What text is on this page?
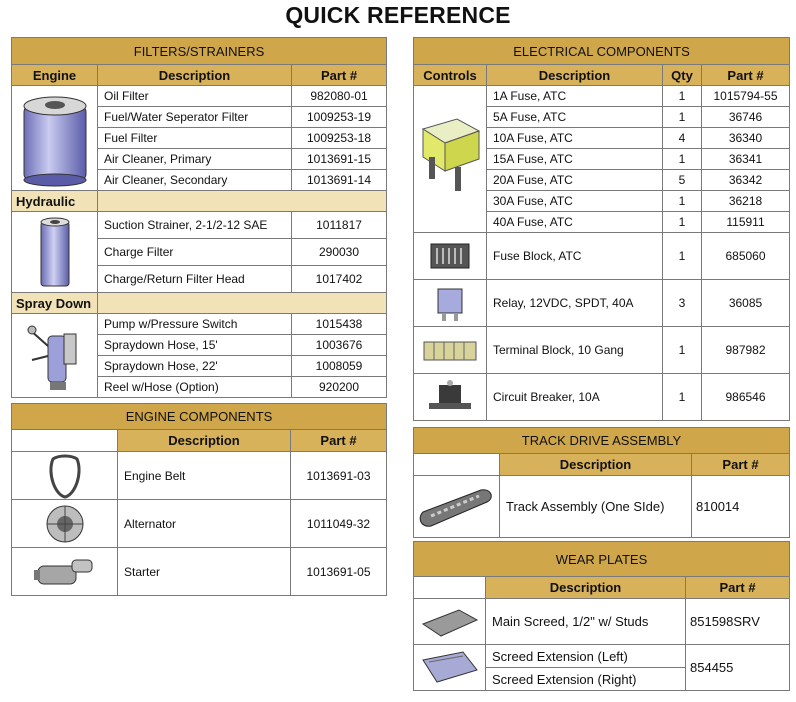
QUICK REFERENCE
FILTERS/STRAINERS		
Engine	Description	Part #

	Oil Filter	982080-01
	Fuel/Water Seperator Filter	1009253-19
	Fuel Filter	1009253-18
	Air Cleaner, Primary	1013691-15
	Air Cleaner, Secondary	1013691-14
Hydraulic		

	Suction Strainer, 2-1/2-12 SAE	1011817
	Charge Filter	290030
	Charge/Return Filter Head	1017402
Spray Down		

	Pump w/Pressure Switch	1015438
	Spraydown Hose, 15'	1003676
	Spraydown Hose, 22'	1008059
	Reel w/Hose (Option)	920200
ENGINE COMPONENTS		
	Description	Part #

	Engine Belt	1013691-03

	Alternator	1011049-32

	Starter	1013691-05
ELECTRICAL COMPONENTS			
Controls	Description	Qty	Part #

	1A Fuse, ATC	1	1015794-55
	5A Fuse, ATC	1	36746
	10A Fuse, ATC	4	36340
	15A Fuse, ATC	1	36341
	20A Fuse, ATC	5	36342
	30A Fuse, ATC	1	36218
	40A Fuse, ATC	1	115911

	Fuse Block, ATC	1	685060

	Relay, 12VDC, SPDT, 40A	3	36085

	Terminal Block, 10 Gang	1	987982

	Circuit Breaker, 10A	1	986546
TRACK DRIVE ASSEMBLY		
	Description	Part #

	Track Assembly (One SIde)	810014
WEAR PLATES		
	Description	Part #

	Main Screed, 1/2" w/ Studs	851598SRV

	Screed Extension (Left)	854455
	Screed Extension (Right)	
